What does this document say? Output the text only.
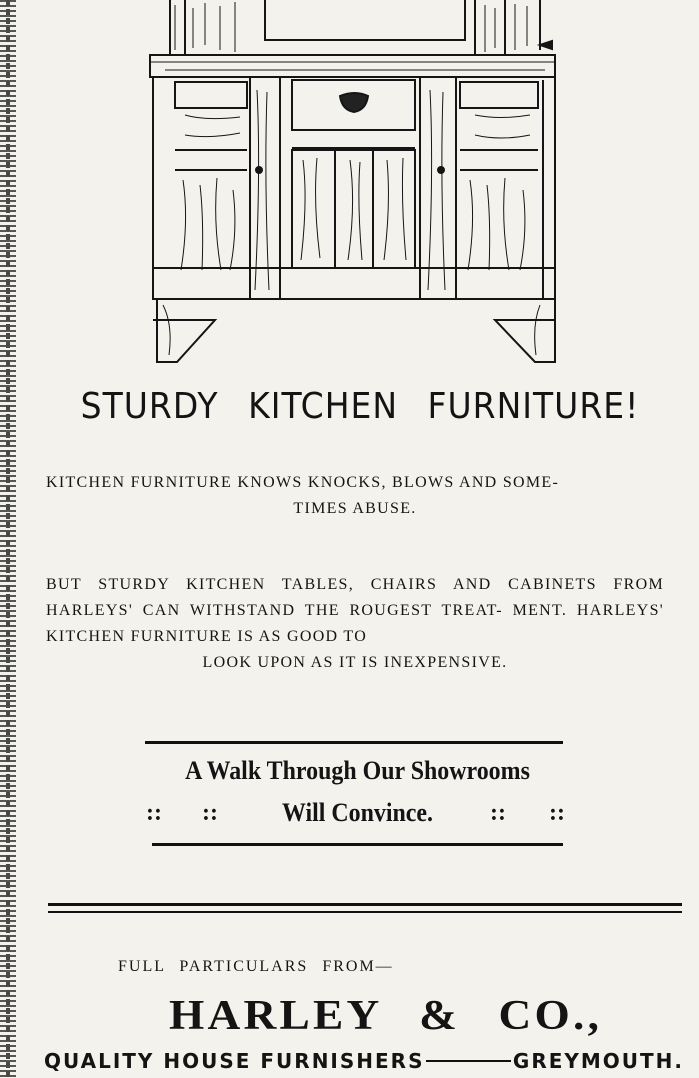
STURDY KITCHEN FURNITURE!

KITCHEN FURNITURE KNOWS KNOCKS, BLOWS AND SOME-
TIMES ABUSE.

BUT STURDY KITCHEN TABLES, CHAIRS AND CABINETS FROM HARLEYS' CAN WITHSTAND THE ROUGEST TREAT- MENT. HARLEYS' KITCHEN FURNITURE IS AS GOOD TO
LOOK UPON AS IT IS INEXPENSIVE.

A Walk Through Our Showrooms

Will Convince.

:: ::	:: ::

FULL PARTICULARS FROM—

HARLEY & CO.,

QUALITY HOUSE FURNISHERS	GREYMOUTH.
